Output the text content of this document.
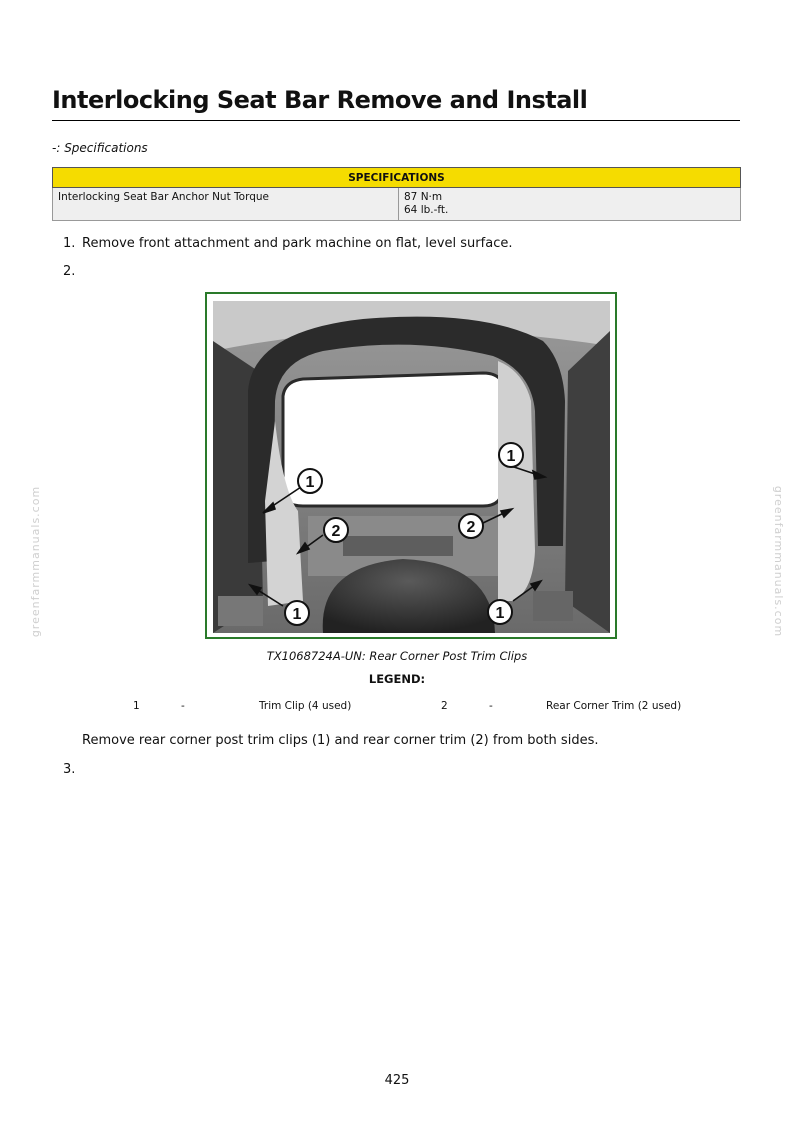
Interlocking Seat Bar Remove and Install
-: Specifications
SPECIFICATIONS
Interlocking Seat Bar Anchor Nut Torque	87 N·m
64 lb.-ft.
1. Remove front attachment and park machine on flat, level surface.
2.
1
1
2	2
1	1
TX1068724A-UN: Rear Corner Post Trim Clips
LEGEND:
1	-	Trim Clip (4 used)	2	-	Rear Corner Trim (2 used)
Remove rear corner post trim clips (1) and rear corner trim (2) from both sides.
3.
greenfarmmanuals.com	greenfarmmanuals.com
425
